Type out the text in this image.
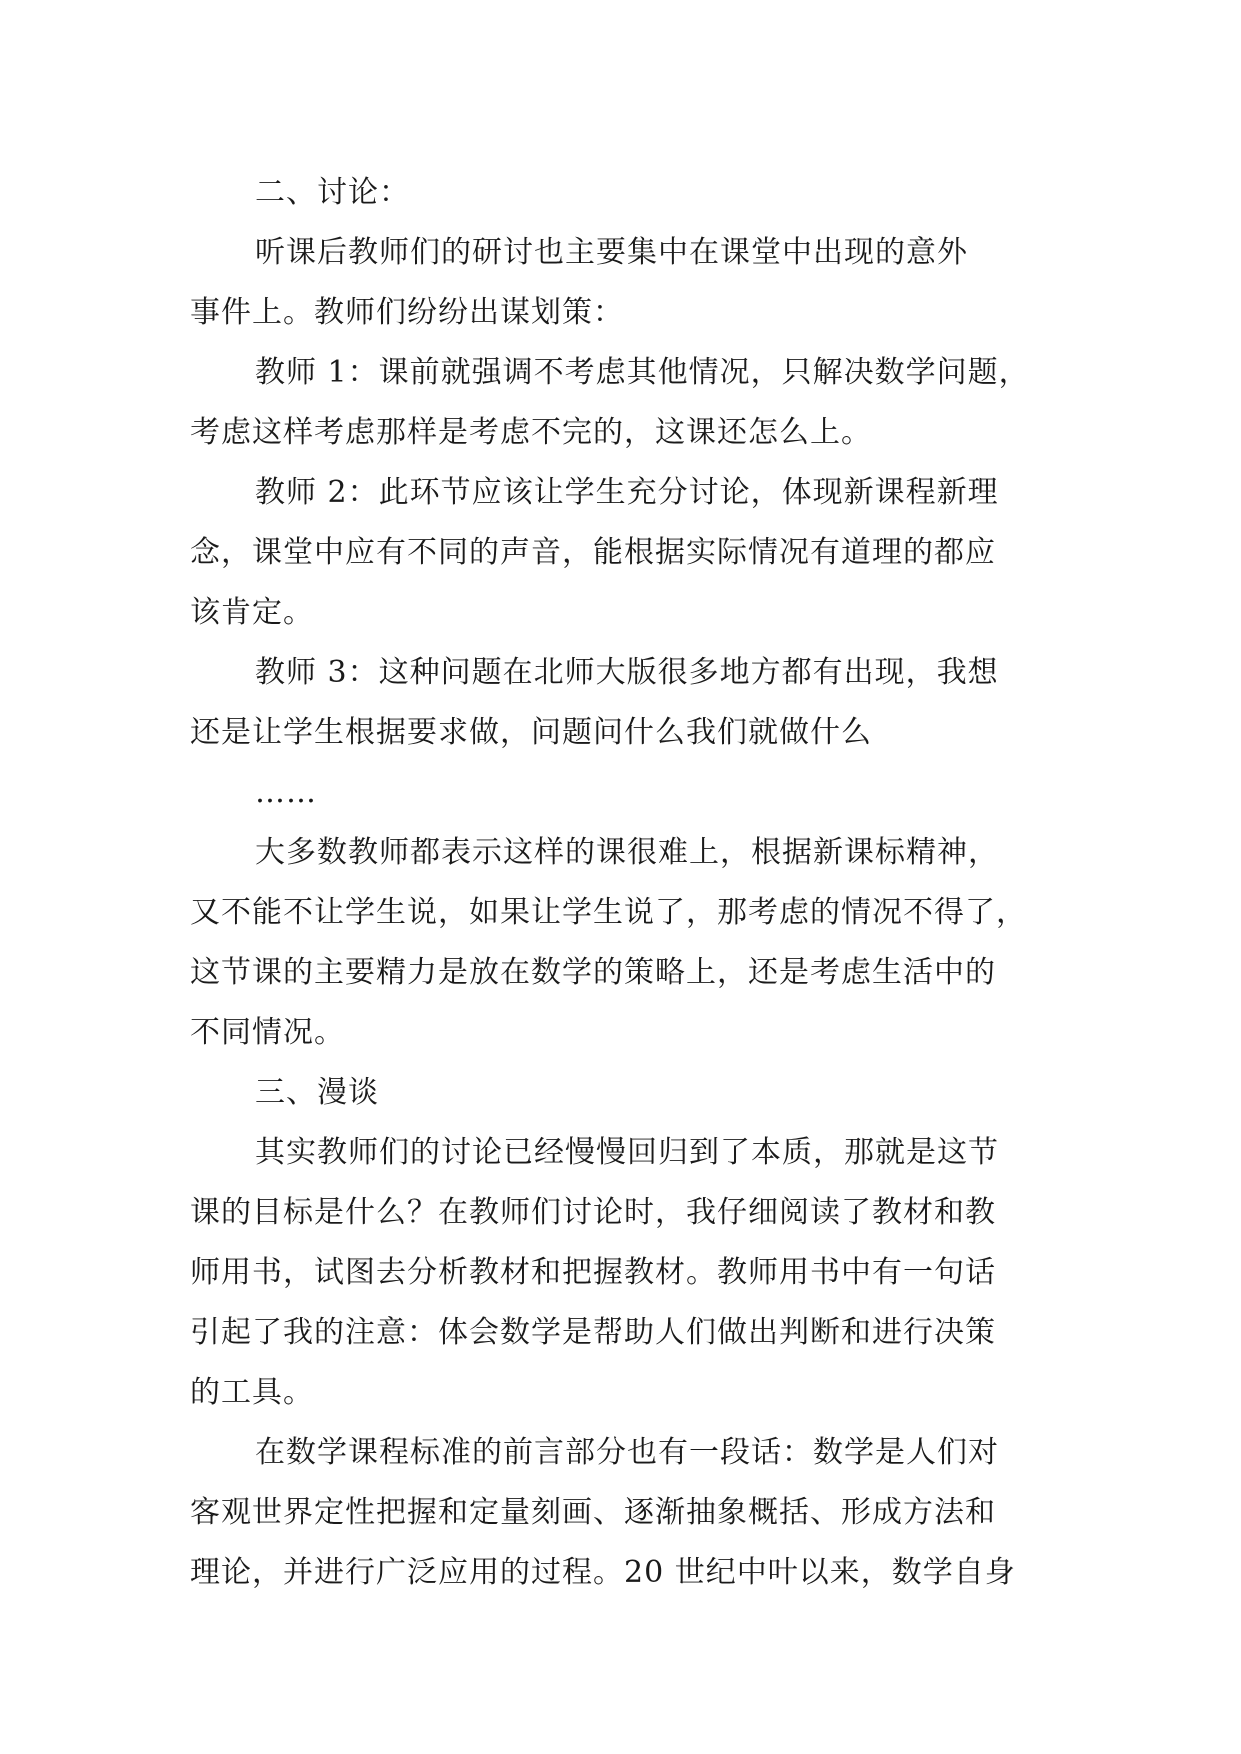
二、讨论：
听课后教师们的研讨也主要集中在课堂中出现的意外
事件上。教师们纷纷出谋划策：
教师 1：课前就强调不考虑其他情况，只解决数学问题，
考虑这样考虑那样是考虑不完的，这课还怎么上。
教师 2：此环节应该让学生充分讨论，体现新课程新理
念，课堂中应有不同的声音，能根据实际情况有道理的都应
该肯定。
教师 3：这种问题在北师大版很多地方都有出现，我想
还是让学生根据要求做，问题问什么我们就做什么
……
大多数教师都表示这样的课很难上，根据新课标精神，
又不能不让学生说，如果让学生说了，那考虑的情况不得了，
这节课的主要精力是放在数学的策略上，还是考虑生活中的
不同情况。
三、漫谈
其实教师们的讨论已经慢慢回归到了本质，那就是这节
课的目标是什么？在教师们讨论时，我仔细阅读了教材和教
师用书，试图去分析教材和把握教材。教师用书中有一句话
引起了我的注意：体会数学是帮助人们做出判断和进行决策
的工具。
在数学课程标准的前言部分也有一段话：数学是人们对
客观世界定性把握和定量刻画、逐渐抽象概括、形成方法和
理论，并进行广泛应用的过程。20 世纪中叶以来，数学自身
